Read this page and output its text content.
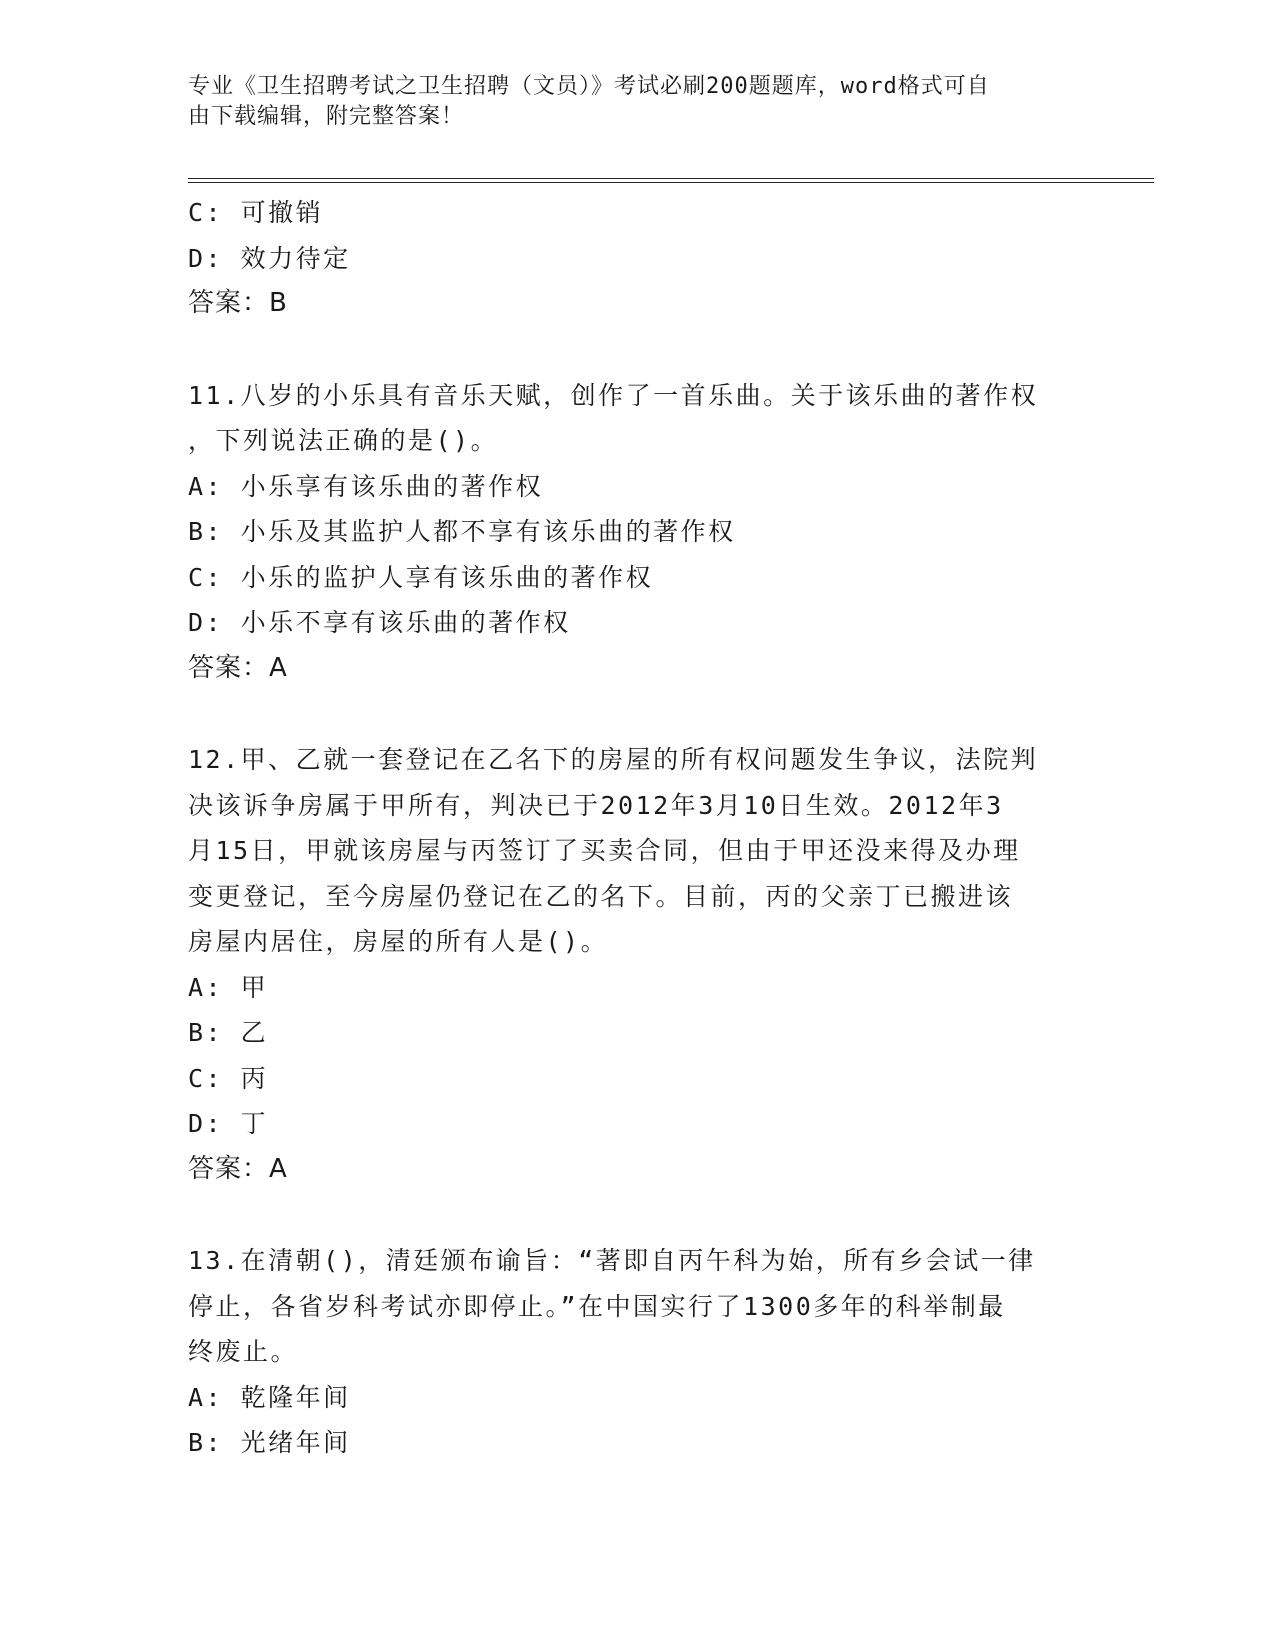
专业《卫生招聘考试之卫生招聘（文员）》考试必刷200题题库，word格式可自
由下载编辑，附完整答案！
C: 可撤销
D: 效力待定
答案：B
11.八岁的小乐具有音乐天赋，创作了一首乐曲。关于该乐曲的著作权
，下列说法正确的是()。
A: 小乐享有该乐曲的著作权
B: 小乐及其监护人都不享有该乐曲的著作权
C: 小乐的监护人享有该乐曲的著作权
D: 小乐不享有该乐曲的著作权
答案：A
12.甲、乙就一套登记在乙名下的房屋的所有权问题发生争议，法院判
决该诉争房属于甲所有，判决已于2012年3月10日生效。2012年3
月15日，甲就该房屋与丙签订了买卖合同，但由于甲还没来得及办理
变更登记，至今房屋仍登记在乙的名下。目前，丙的父亲丁已搬进该
房屋内居住，房屋的所有人是()。
A: 甲
B: 乙
C: 丙
D: 丁
答案：A
13.在清朝()，清廷颁布谕旨：“著即自丙午科为始，所有乡会试一律
停止，各省岁科考试亦即停止。”在中国实行了1300多年的科举制最
终废止。
A: 乾隆年间
B: 光绪年间
